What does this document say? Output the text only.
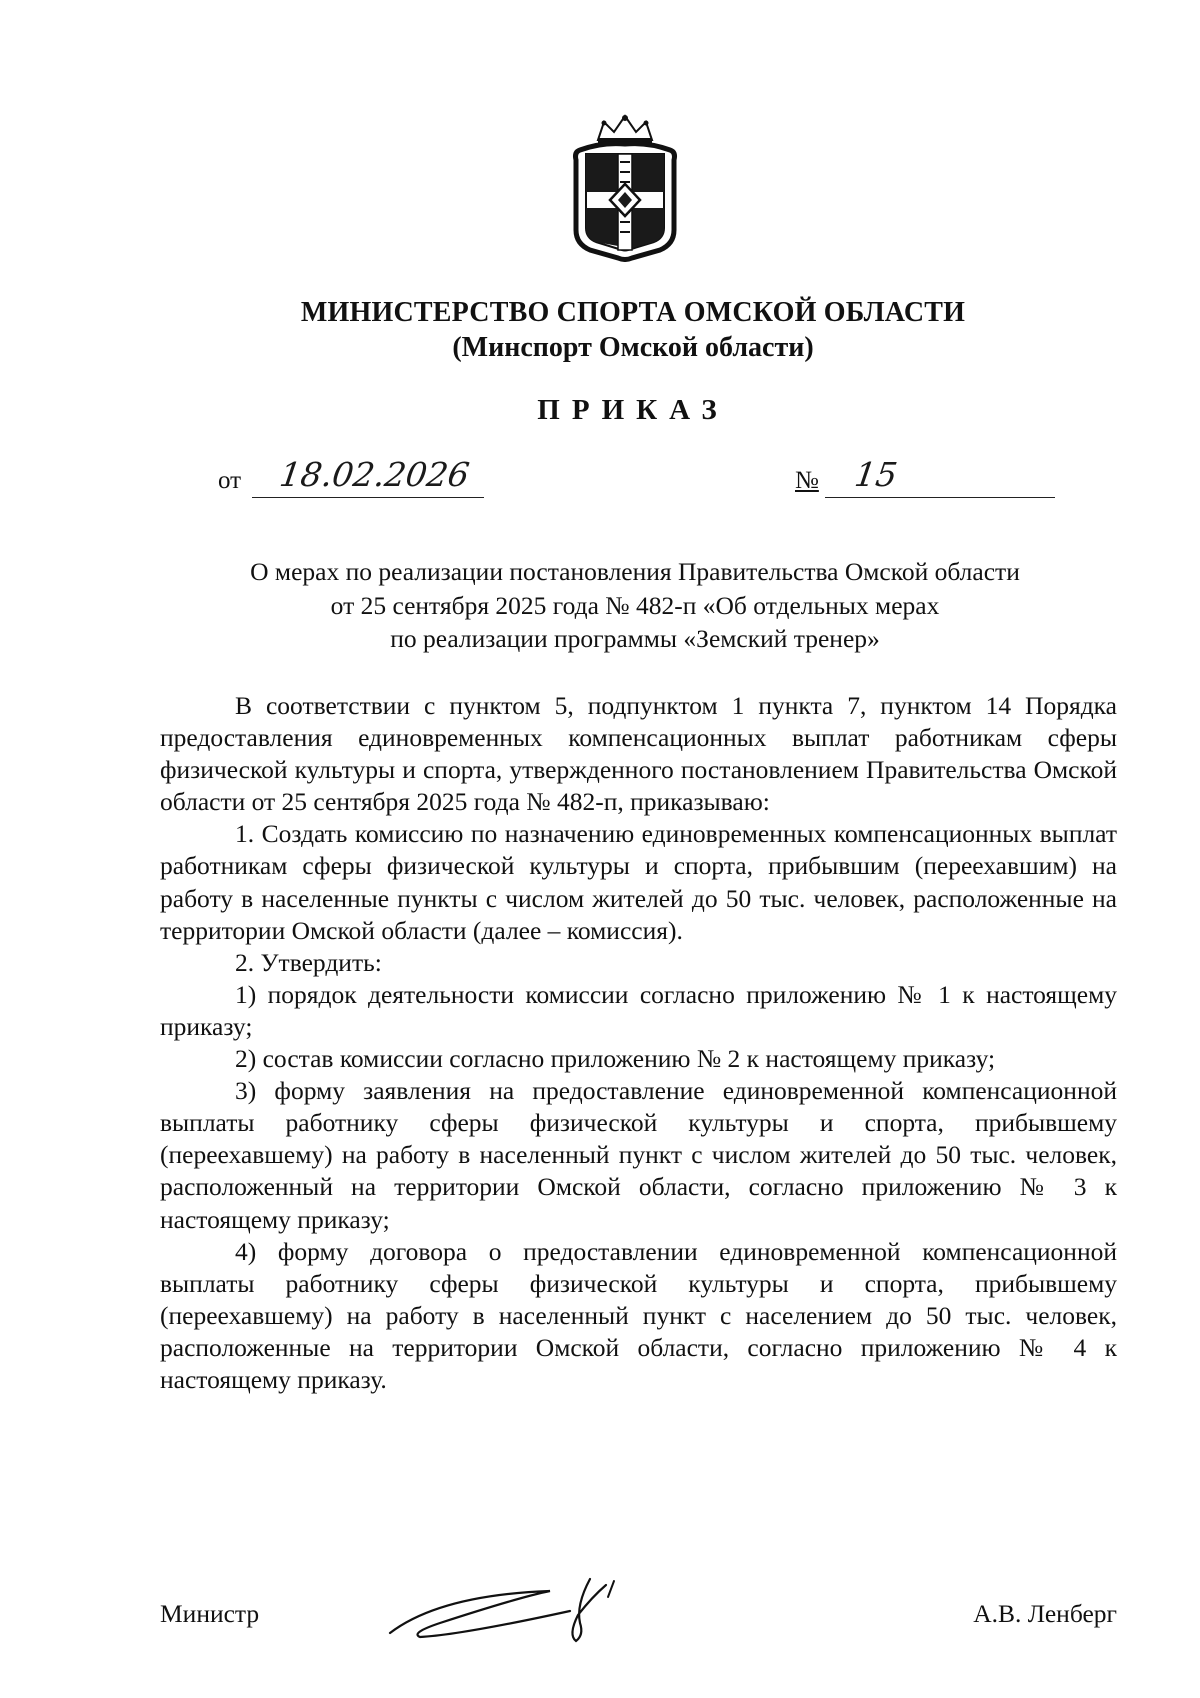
МИНИСТЕРСТВО СПОРТА ОМСКОЙ ОБЛАСТИ
(Минспорт Омской области)
ПРИКАЗ
от 18.02.2026	№ 15
О мерах по реализации постановления Правительства Омской области
от 25 сентября 2025 года № 482-п «Об отдельных мерах
по реализации программы «Земский тренер»

В соответствии с пунктом 5, подпунктом 1 пункта 7, пунктом 14 Порядка предоставления единовременных компенсационных выплат работникам сферы физической культуры и спорта, утвержденного постановлением Правительства Омской области от 25 сентября 2025 года № 482-п, приказываю:

1. Создать комиссию по назначению единовременных компенсационных выплат работникам сферы физической культуры и спорта, прибывшим (переехавшим) на работу в населенные пункты с числом жителей до 50 тыс. человек, расположенные на территории Омской области (далее – комиссия).

2. Утвердить:

1) порядок деятельности комиссии согласно приложению № 1 к настоящему приказу;

2) состав комиссии согласно приложению № 2 к настоящему приказу;

3) форму заявления на предоставление единовременной компенсационной выплаты работнику сферы физической культуры и спорта, прибывшему (переехавшему) на работу в населенный пункт с числом жителей до 50 тыс. человек, расположенный на территории Омской области, согласно приложению № 3 к настоящему приказу;

4) форму договора о предоставлении единовременной компенсационной выплаты работнику сферы физической культуры и спорта, прибывшему (переехавшему) на работу в населенный пункт с населением до 50 тыс. человек, расположенные на территории Омской области, согласно приложению № 4 к настоящему приказу.

Министр	А.В. Ленберг
